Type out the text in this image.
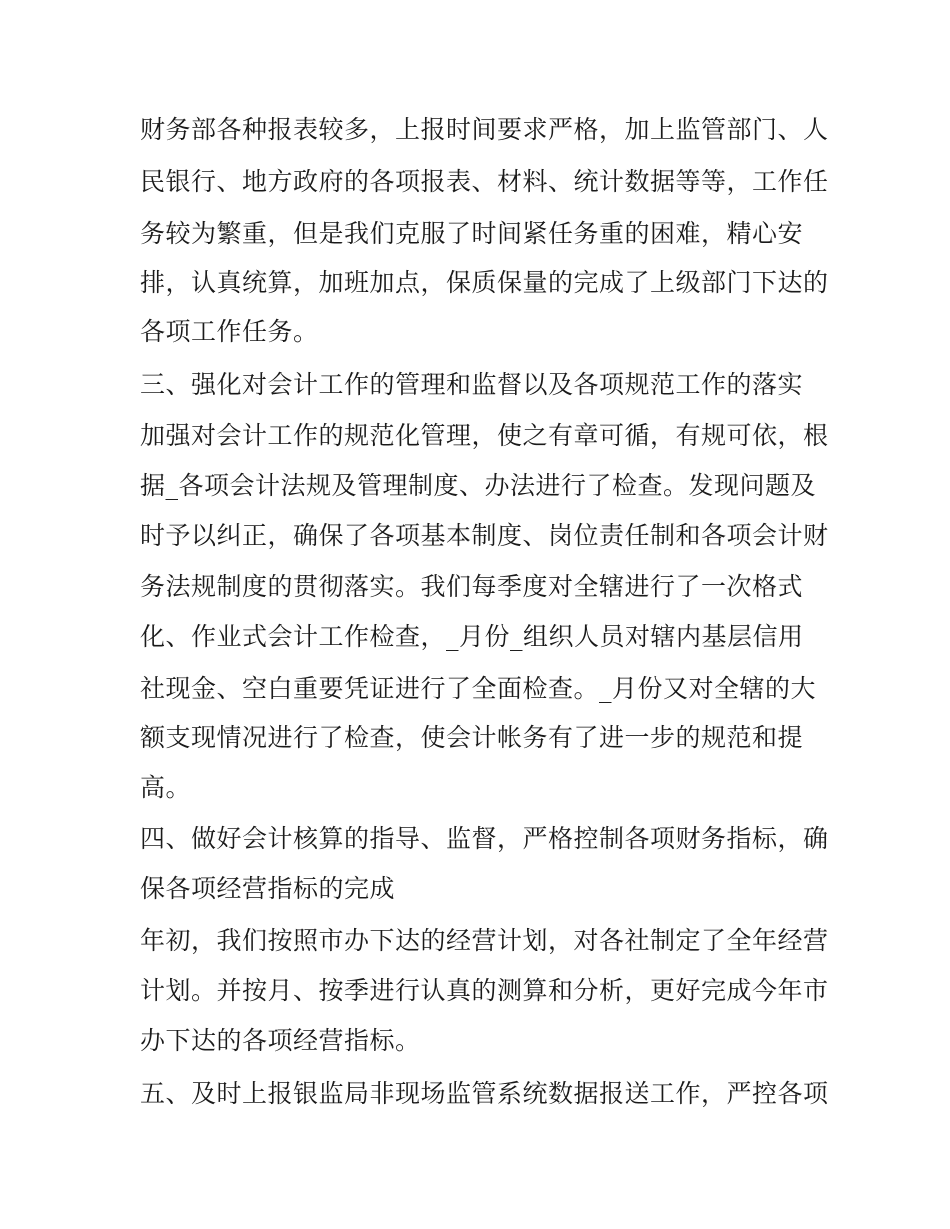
财务部各种报表较多，上报时间要求严格，加上监管部门、人
民银行、地方政府的各项报表、材料、统计数据等等，工作任
务较为繁重，但是我们克服了时间紧任务重的困难，精心安
排，认真统算，加班加点，保质保量的完成了上级部门下达的
各项工作任务。
三、强化对会计工作的管理和监督以及各项规范工作的落实
加强对会计工作的规范化管理，使之有章可循，有规可依，根
据_各项会计法规及管理制度、办法进行了检查。发现问题及
时予以纠正，确保了各项基本制度、岗位责任制和各项会计财
务法规制度的贯彻落实。我们每季度对全辖进行了一次格式
化、作业式会计工作检查，_月份_组织人员对辖内基层信用
社现金、空白重要凭证进行了全面检查。_月份又对全辖的大
额支现情况进行了检查，使会计帐务有了进一步的规范和提
高。
四、做好会计核算的指导、监督，严格控制各项财务指标，确
保各项经营指标的完成
年初，我们按照市办下达的经营计划，对各社制定了全年经营
计划。并按月、按季进行认真的测算和分析，更好完成今年市
办下达的各项经营指标。
五、及时上报银监局非现场监管系统数据报送工作，严控各项
